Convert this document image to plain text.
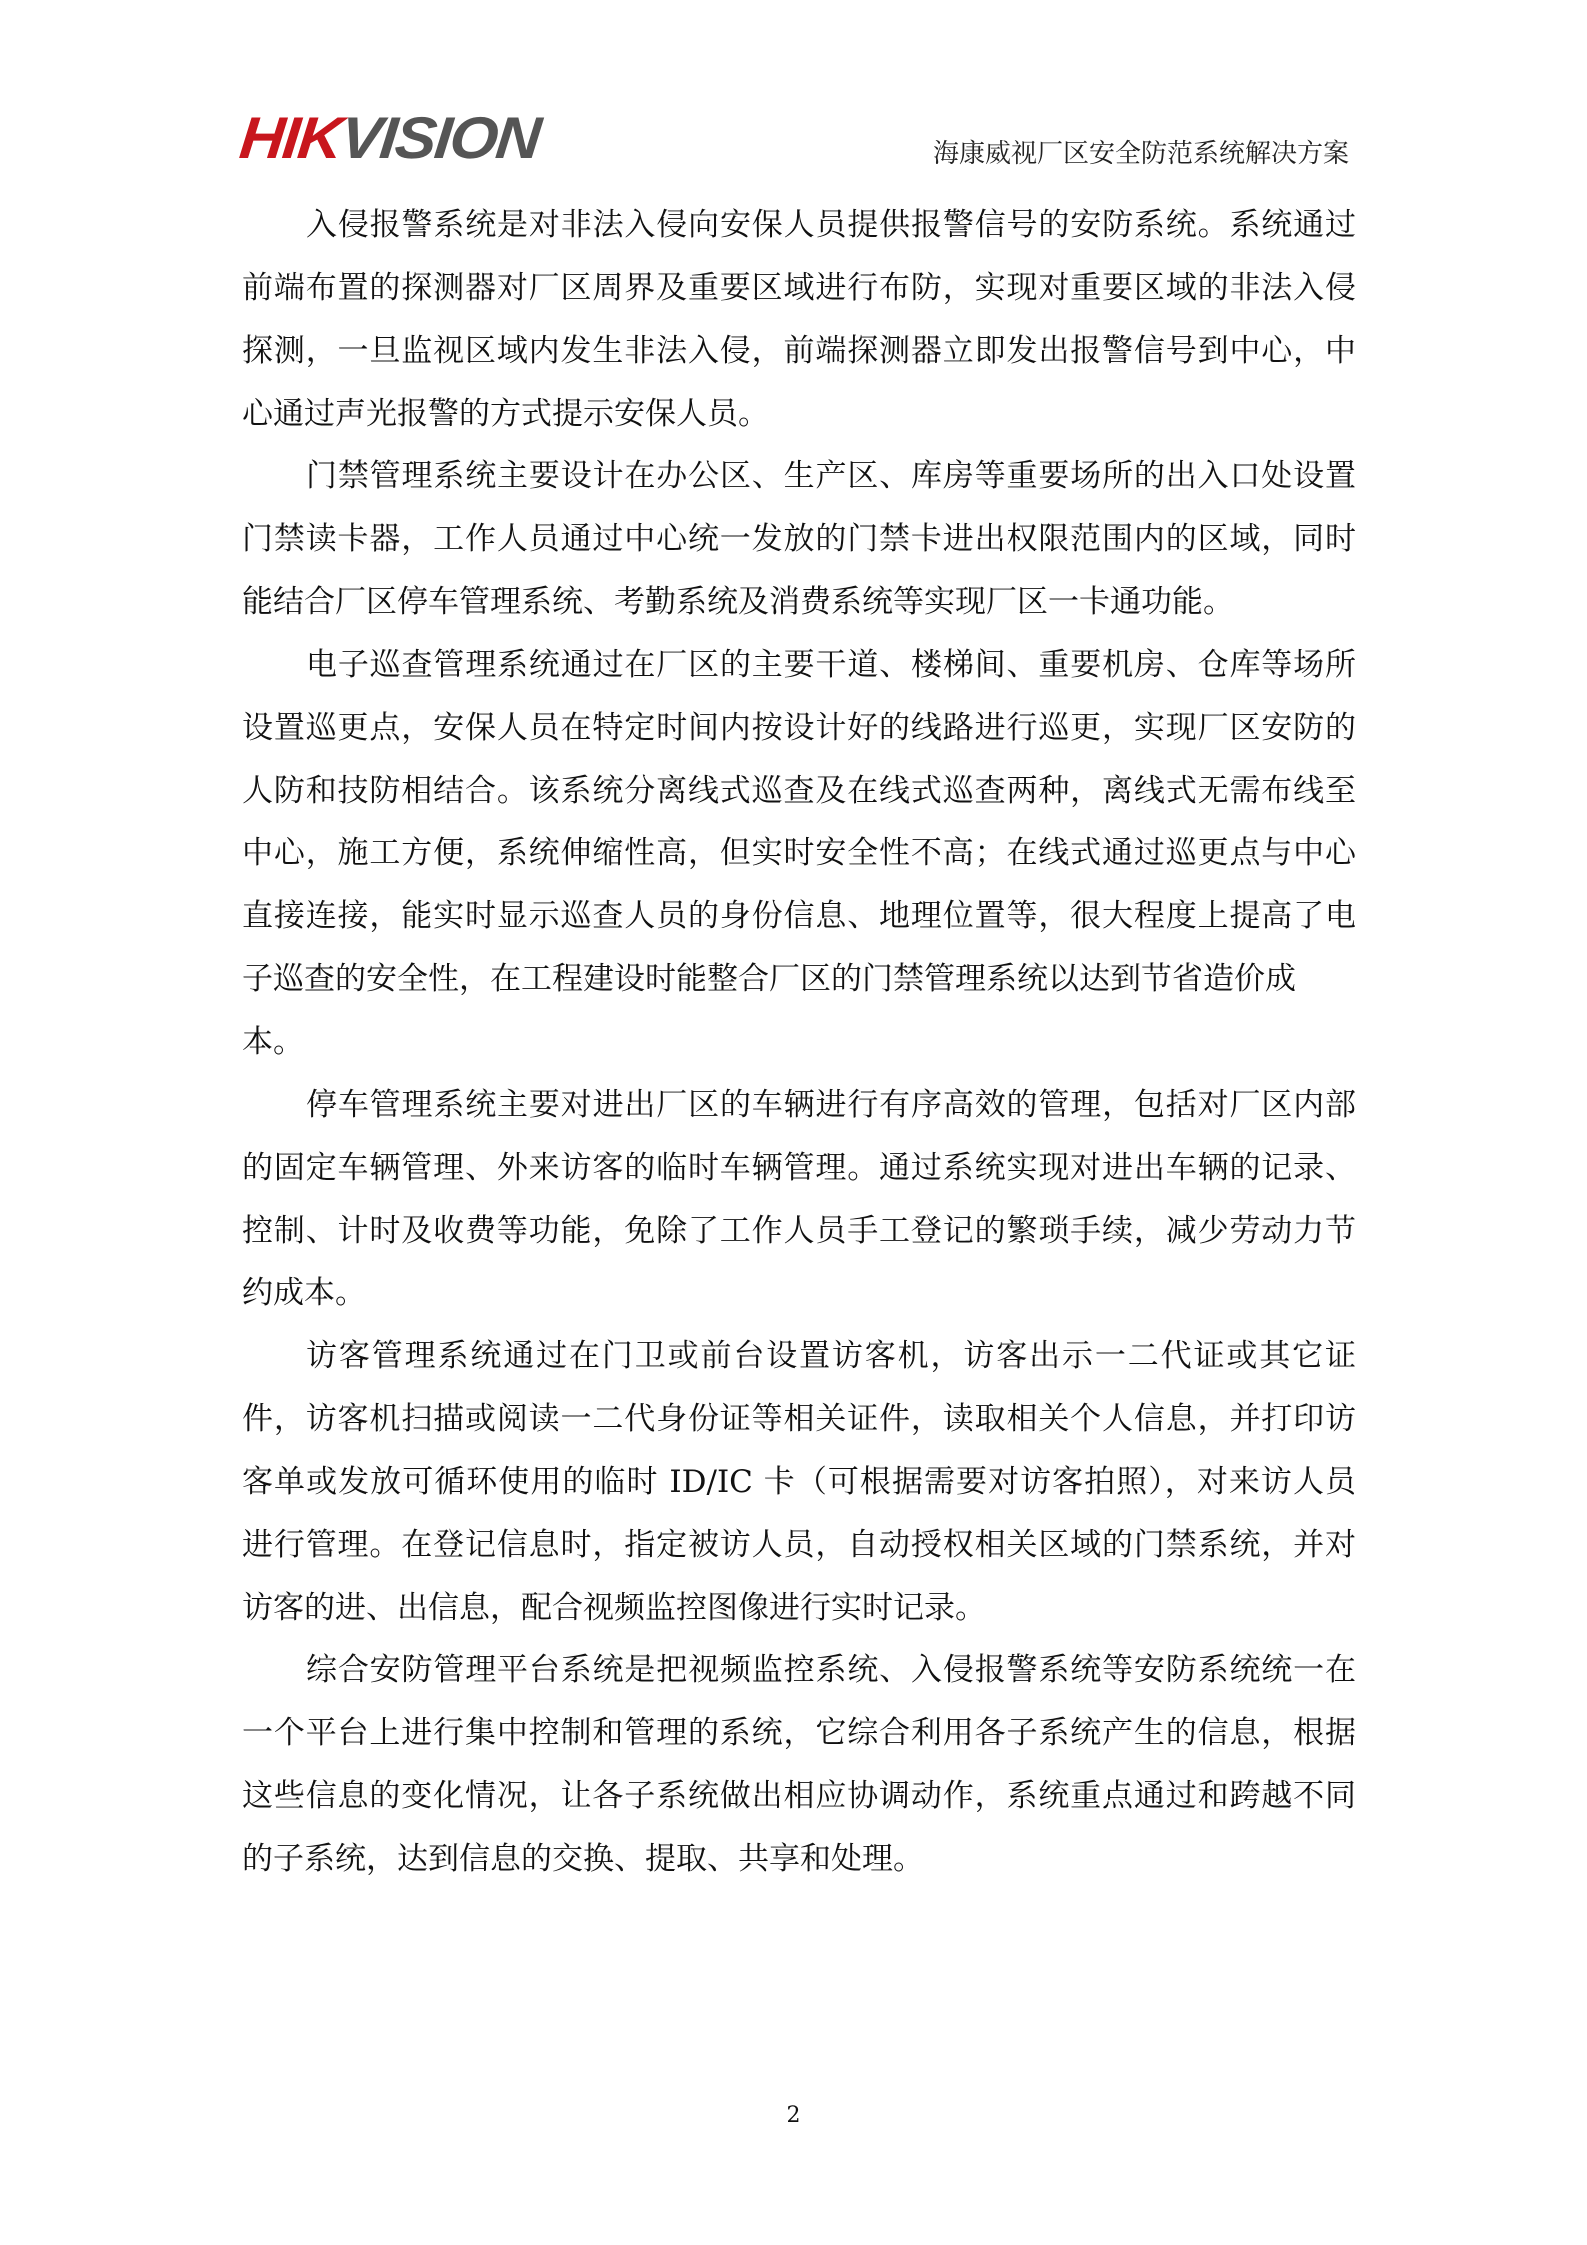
HIKVISION	海康威视厂区安全防范系统解决方案
入侵报警系统是对非法入侵向安保人员提供报警信号的安防系统。系统通过
前端布置的探测器对厂区周界及重要区域进行布防，实现对重要区域的非法入侵
探测，一旦监视区域内发生非法入侵，前端探测器立即发出报警信号到中心，中
心通过声光报警的方式提示安保人员。
门禁管理系统主要设计在办公区、生产区、库房等重要场所的出入口处设置
门禁读卡器，工作人员通过中心统一发放的门禁卡进出权限范围内的区域，同时
能结合厂区停车管理系统、考勤系统及消费系统等实现厂区一卡通功能。
电子巡查管理系统通过在厂区的主要干道、楼梯间、重要机房、仓库等场所
设置巡更点，安保人员在特定时间内按设计好的线路进行巡更，实现厂区安防的
人防和技防相结合。该系统分离线式巡查及在线式巡查两种，离线式无需布线至
中心，施工方便，系统伸缩性高，但实时安全性不高；在线式通过巡更点与中心
直接连接，能实时显示巡查人员的身份信息、地理位置等，很大程度上提高了电
子巡查的安全性，在工程建设时能整合厂区的门禁管理系统以达到节省造价成
本。
停车管理系统主要对进出厂区的车辆进行有序高效的管理，包括对厂区内部
的固定车辆管理、外来访客的临时车辆管理。通过系统实现对进出车辆的记录、
控制、计时及收费等功能，免除了工作人员手工登记的繁琐手续，减少劳动力节
约成本。
访客管理系统通过在门卫或前台设置访客机，访客出示一二代证或其它证
件，访客机扫描或阅读一二代身份证等相关证件，读取相关个人信息，并打印访
客单或发放可循环使用的临时 ID/IC 卡（可根据需要对访客拍照），对来访人员
进行管理。在登记信息时，指定被访人员，自动授权相关区域的门禁系统，并对
访客的进、出信息，配合视频监控图像进行实时记录。
综合安防管理平台系统是把视频监控系统、入侵报警系统等安防系统统一在
一个平台上进行集中控制和管理的系统，它综合利用各子系统产生的信息，根据
这些信息的变化情况，让各子系统做出相应协调动作，系统重点通过和跨越不同
的子系统，达到信息的交换、提取、共享和处理。
2
